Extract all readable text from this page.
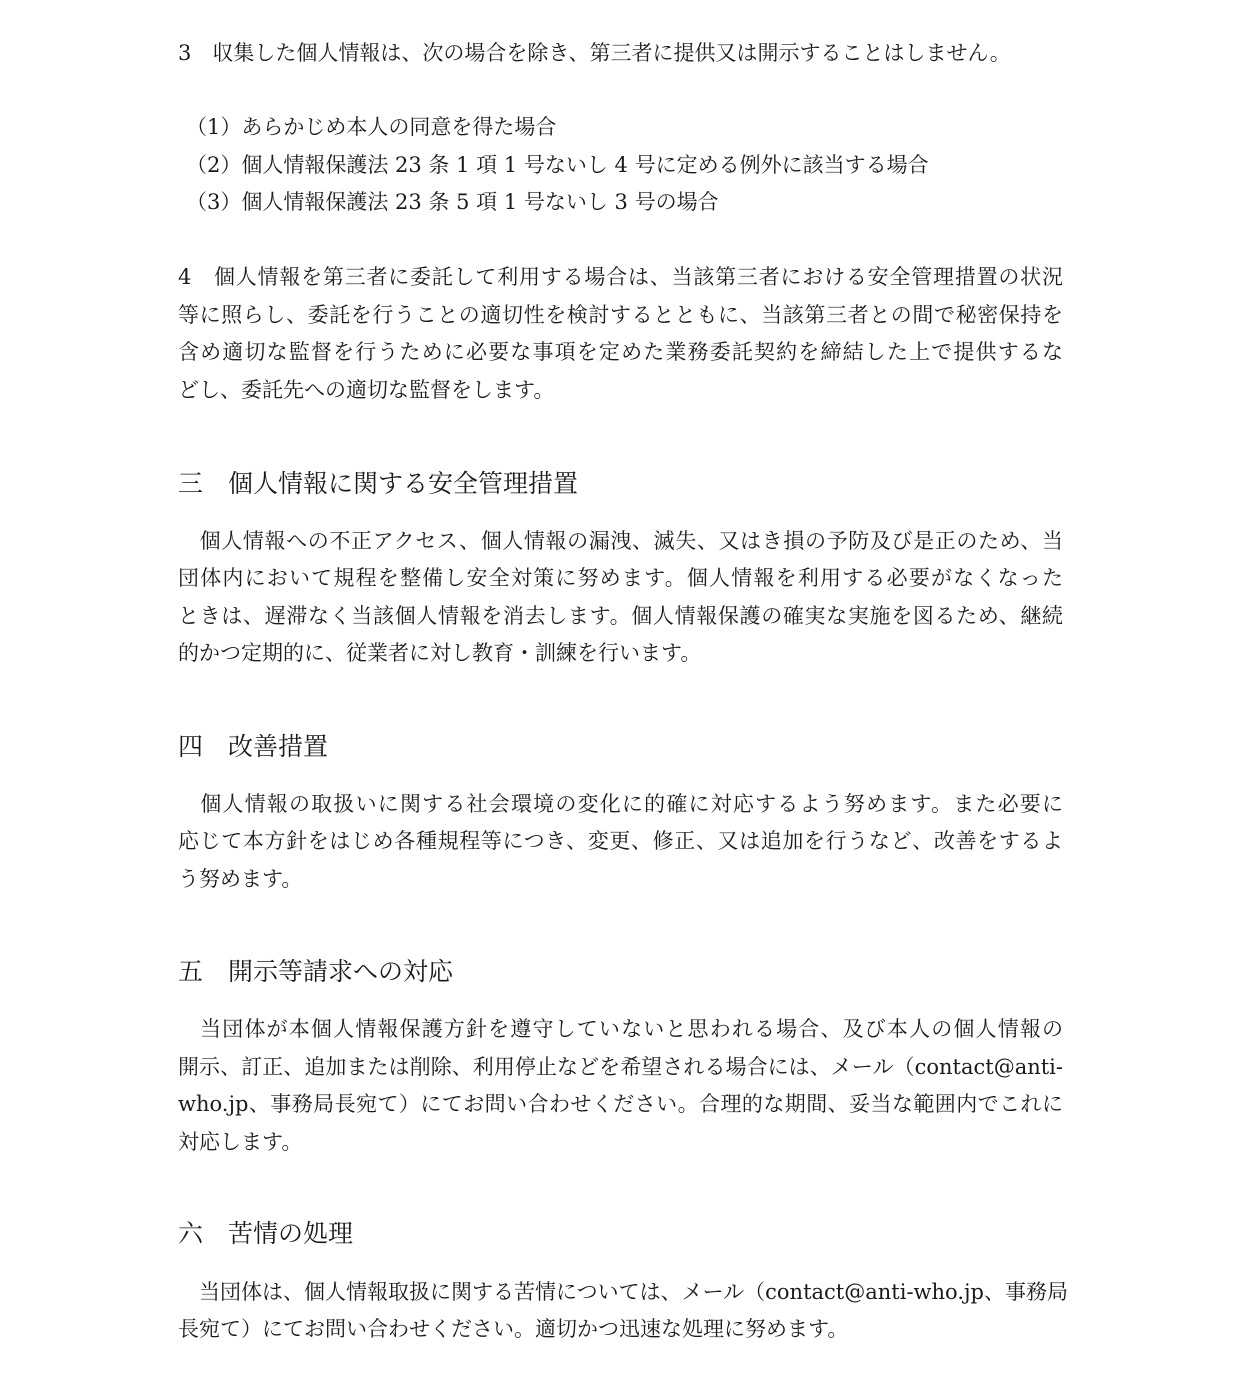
3　収集した個人情報は、次の場合を除き、第三者に提供又は開示することはしません。
（1）あらかじめ本人の同意を得た場合
（2）個人情報保護法 23 条 1 項 1 号ないし 4 号に定める例外に該当する場合
（3）個人情報保護法 23 条 5 項 1 号ないし 3 号の場合
4　個人情報を第三者に委託して利用する場合は、当該第三者における安全管理措置の状況
等に照らし、委託を行うことの適切性を検討するとともに、当該第三者との間で秘密保持を
含め適切な監督を行うために必要な事項を定めた業務委託契約を締結した上で提供するな
どし、委託先への適切な監督をします。
三　個人情報に関する安全管理措置
　個人情報への不正アクセス、個人情報の漏洩、滅失、又はき損の予防及び是正のため、当
団体内において規程を整備し安全対策に努めます。個人情報を利用する必要がなくなった
ときは、遅滞なく当該個人情報を消去します。個人情報保護の確実な実施を図るため、継続
的かつ定期的に、従業者に対し教育・訓練を行います。
四　改善措置
　個人情報の取扱いに関する社会環境の変化に的確に対応するよう努めます。また必要に
応じて本方針をはじめ各種規程等につき、変更、修正、又は追加を行うなど、改善をするよ
う努めます。
五　開示等請求への対応
　当団体が本個人情報保護方針を遵守していないと思われる場合、及び本人の個人情報の
開示、訂正、追加または削除、利用停止などを希望される場合には、メール（contact@anti-
who.jp、事務局長宛て）にてお問い合わせください。合理的な期間、妥当な範囲内でこれに
対応します。
六　苦情の処理
　当団体は、個人情報取扱に関する苦情については、メール（contact@anti-who.jp、事務局
長宛て）にてお問い合わせください。適切かつ迅速な処理に努めます。
